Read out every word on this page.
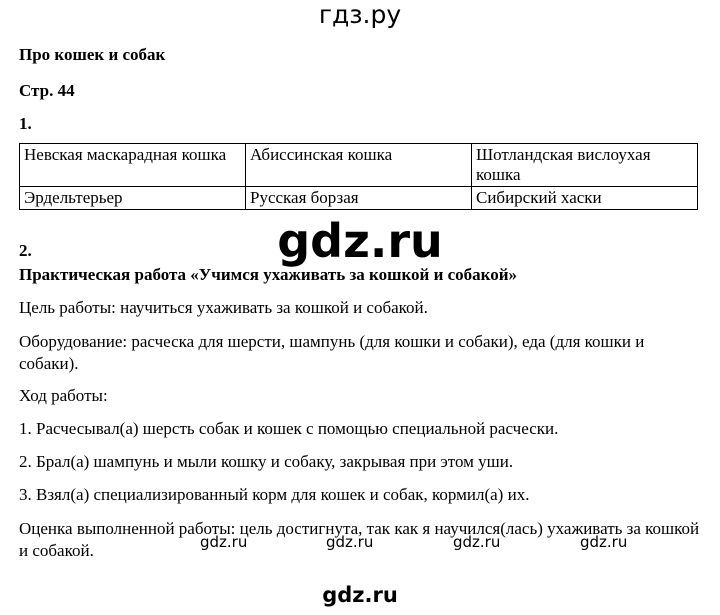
гдз.ру
Про кошек и собак
Стр. 44
1.
Невская маскарадная кошка	Абиссинская кошка	Шотландская вислоухая кошка
Эрдельтерьер	Русская борзая	Сибирский хаски
gdz.ru
2.
Практическая работа «Учимся ухаживать за кошкой и собакой»
Цель работы: научиться ухаживать за кошкой и собакой.
Оборудование: расческа для шерсти, шампунь (для кошки и собаки), еда (для кошки и собаки).
Ход работы:
1. Расчесывал(а) шерсть собак и кошек с помощью специальной расчески.
2. Брал(а) шампунь и мыли кошку и собаку, закрывая при этом уши.
3. Взял(а) специализированный корм для кошек и собак, кормил(а) их.
Оценка выполненной работы: цель достигнута, так как я научился(лась) ухаживать за кошкой и собакой.	gdz.ru	gdz.ru	gdz.ru	gdz.ru
gdz.ru
